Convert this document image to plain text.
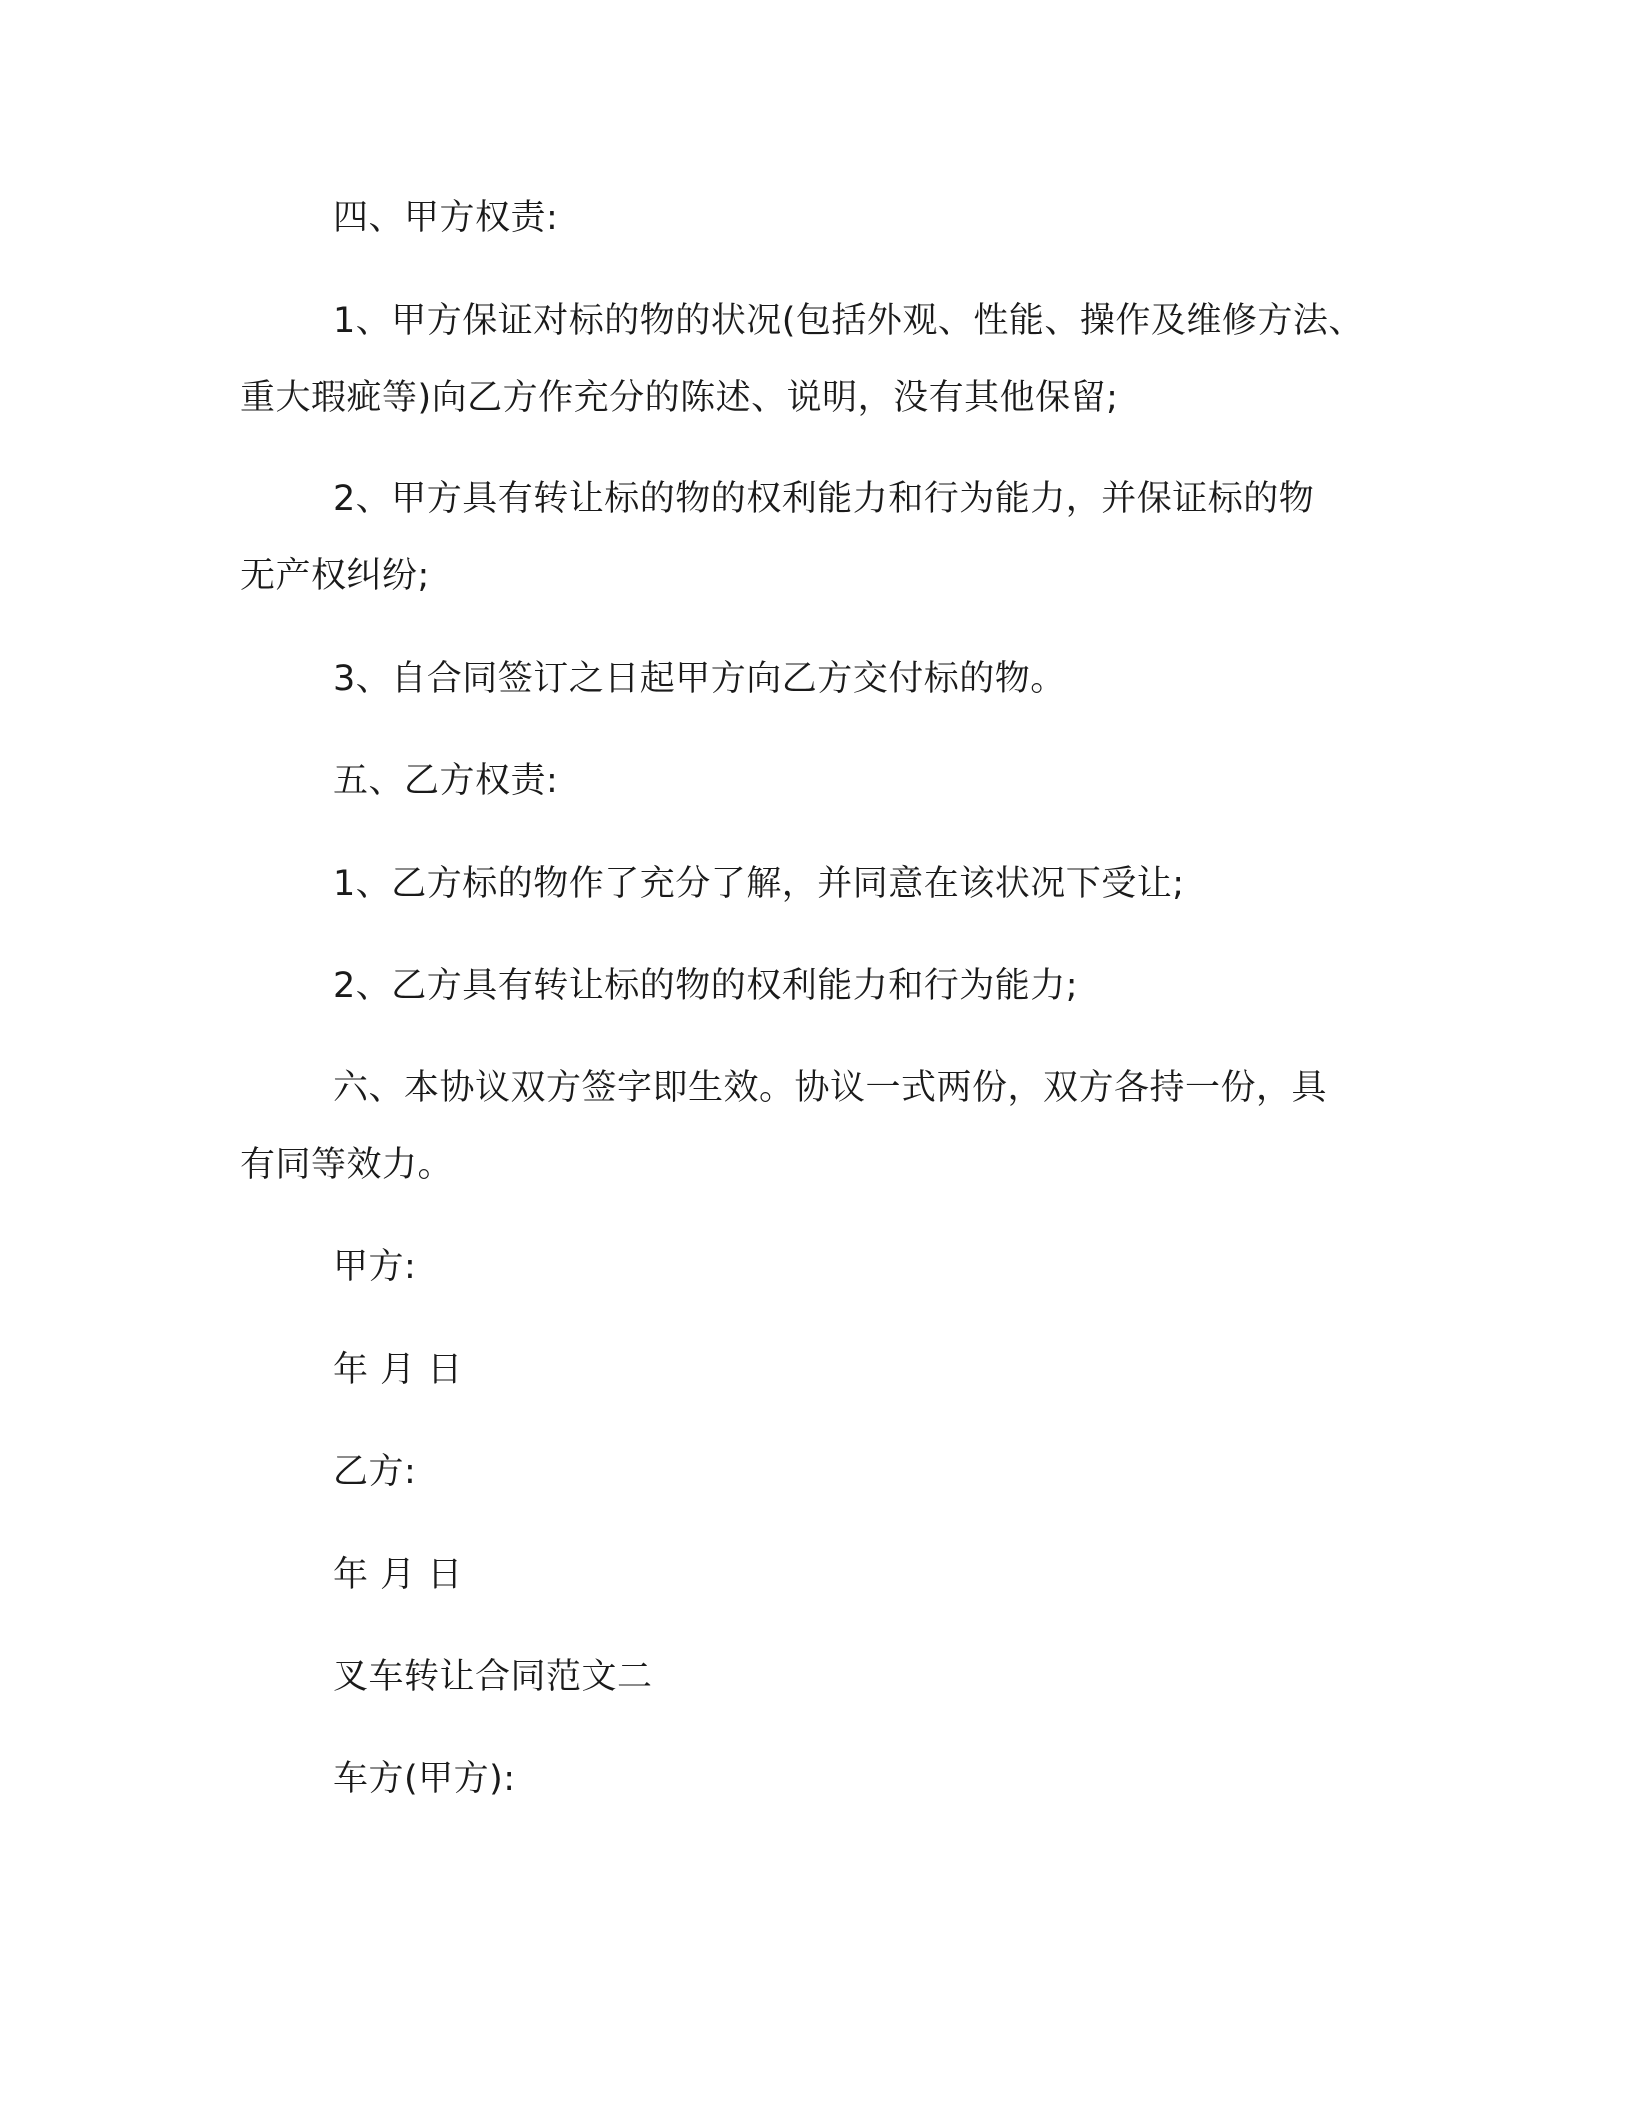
四、甲方权责:

1、甲方保证对标的物的状况(包括外观、性能、操作及维修方法、

重大瑕疵等)向乙方作充分的陈述、说明，没有其他保留;

2、甲方具有转让标的物的权利能力和行为能力，并保证标的物

无产权纠纷;

3、自合同签订之日起甲方向乙方交付标的物。

五、乙方权责:

1、乙方标的物作了充分了解，并同意在该状况下受让;

2、乙方具有转让标的物的权利能力和行为能力;

六、本协议双方签字即生效。协议一式两份，双方各持一份，具

有同等效力。

甲方:

年 月 日

乙方:

年 月 日

叉车转让合同范文二

车方(甲方):
